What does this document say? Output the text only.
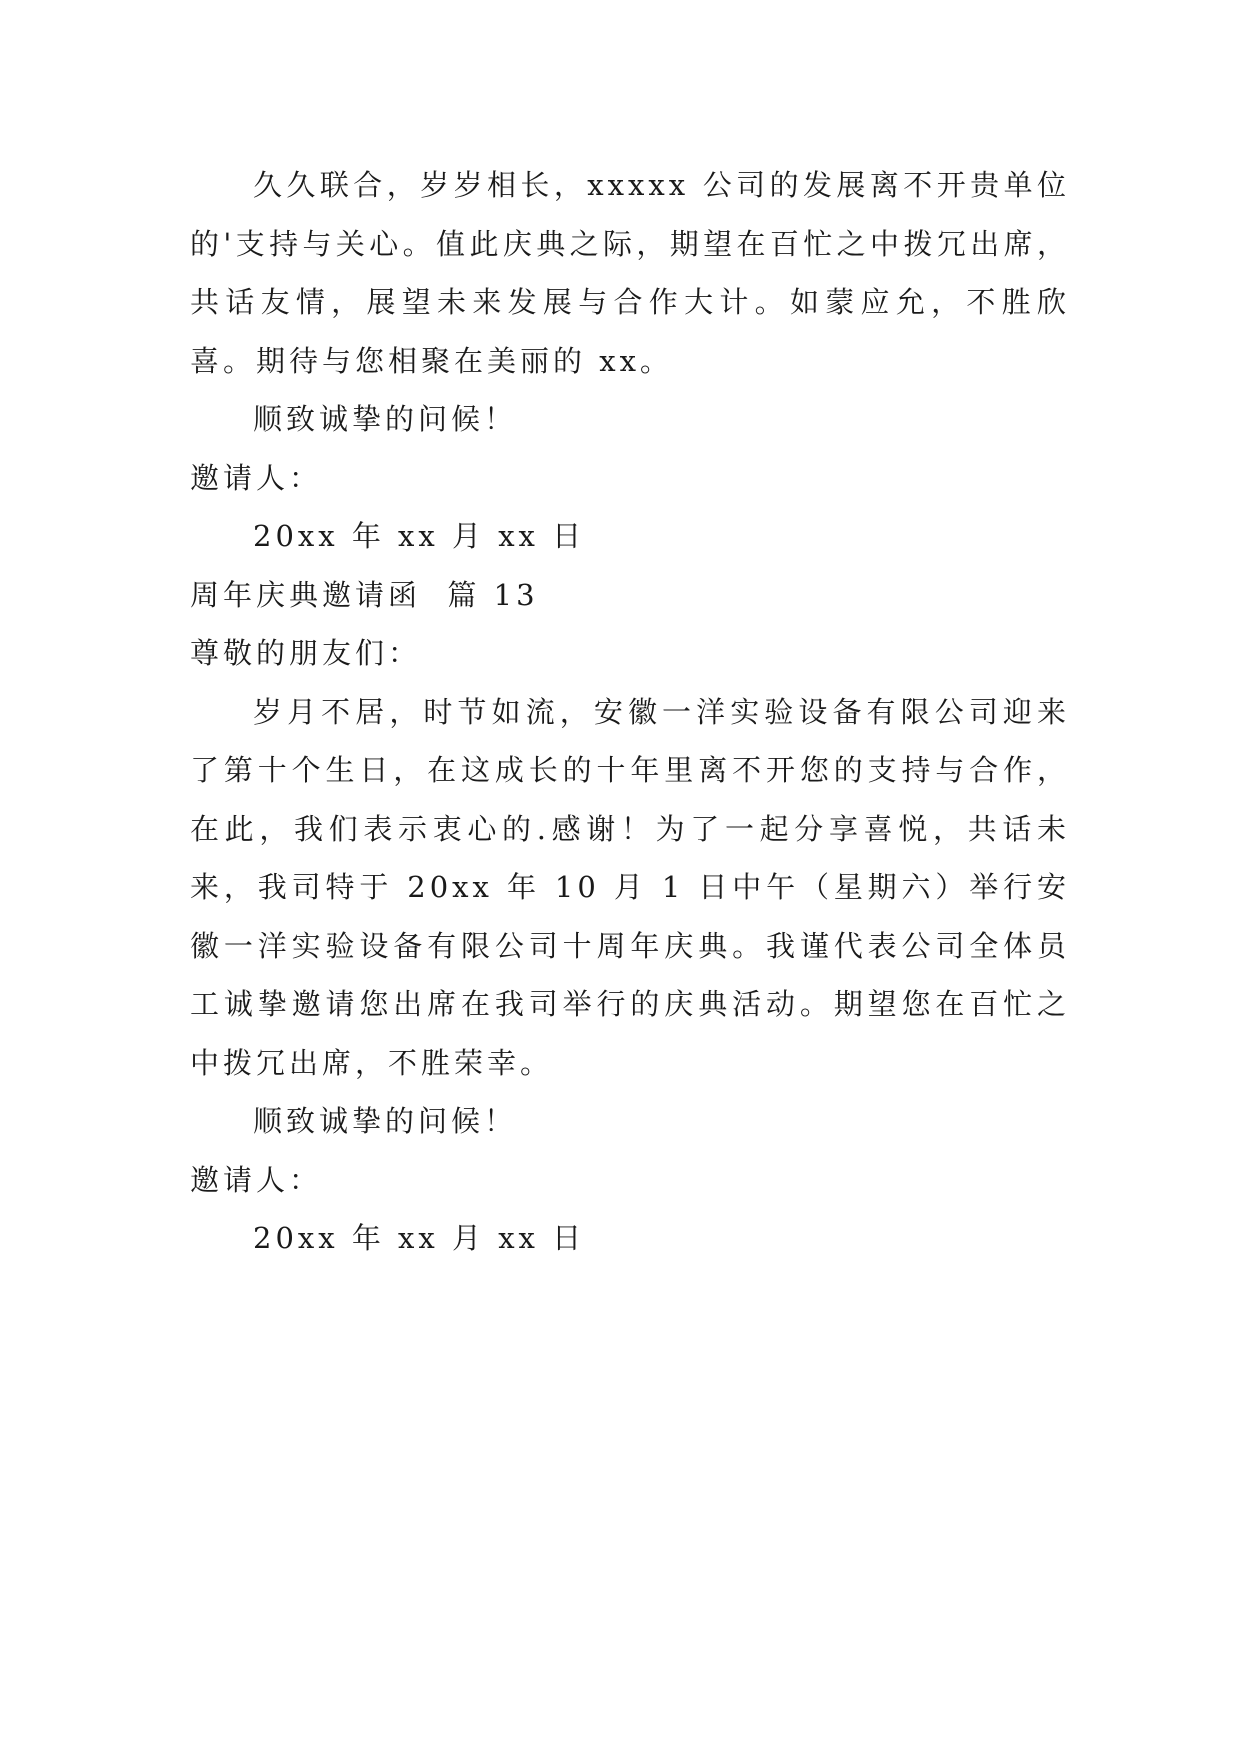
久久联合，岁岁相长，xxxxx 公司的发展离不开贵单位的'支持与关心。值此庆典之际，期望在百忙之中拨冗出席，共话友情，展望未来发展与合作大计。如蒙应允，不胜欣喜。期待与您相聚在美丽的 xx。

顺致诚挚的问候！

邀请人：

20xx 年 xx 月 xx 日

周年庆典邀请函  篇 13

尊敬的朋友们：

岁月不居，时节如流，安徽一洋实验设备有限公司迎来了第十个生日，在这成长的十年里离不开您的支持与合作，在此，我们表示衷心的.感谢！为了一起分享喜悦，共话未来，我司特于 20xx 年 10 月 1 日中午（星期六）举行安徽一洋实验设备有限公司十周年庆典。我谨代表公司全体员工诚挚邀请您出席在我司举行的庆典活动。期望您在百忙之中拨冗出席，不胜荣幸。

顺致诚挚的问候！

邀请人：

20xx 年 xx 月 xx 日
